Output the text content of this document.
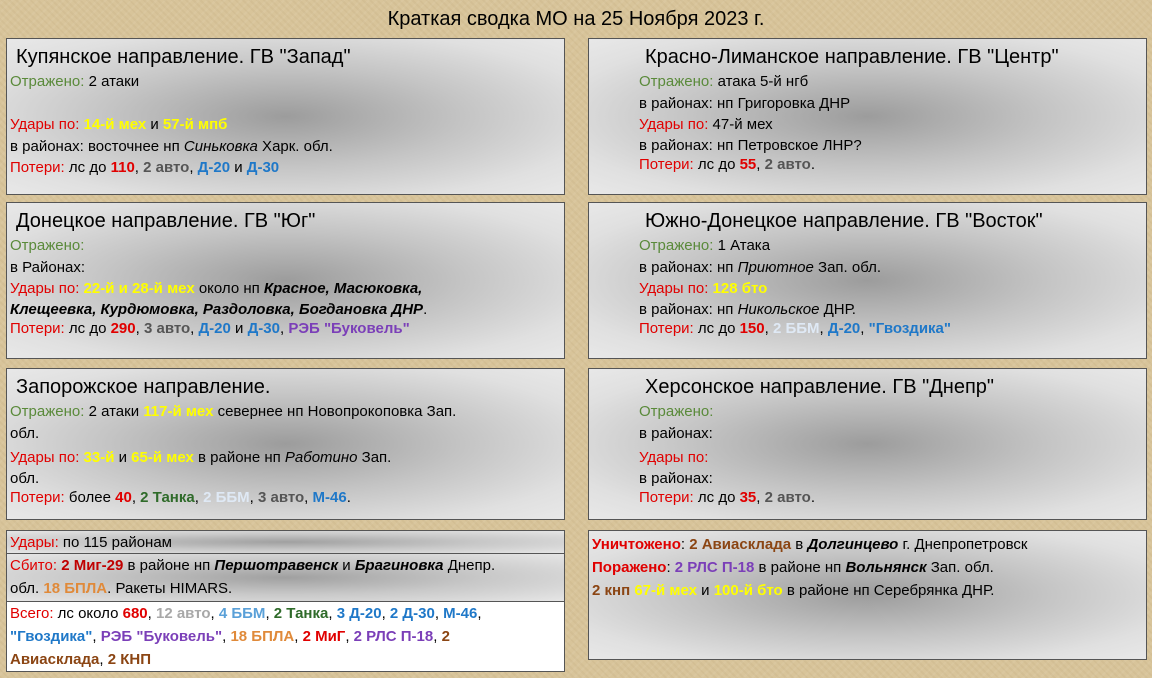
Краткая сводка МО на 25 Ноября 2023 г.
Купянское направление. ГВ "Запад"
Отражено: 2 атаки

Удары по: 14-й мех и 57-й мпб
в районах: восточнее нп Синьковка Харк. обл.
Потери: лс до 110, 2 авто, Д-20 и Д-30
Красно-Лиманское направление. ГВ "Центр"
Отражено: атака 5-й нгб
в районах: нп Григоровка ДНР
Удары по: 47-й мех
в районах: нп Петровское ЛНР?
Потери: лс до 55, 2 авто.
Донецкое направление. ГВ "Юг"
Отражено:
в Районах:
Удары по: 22-й и 28-й мех около нп Красное, Масюковка,
Клещеевка, Курдюмовка, Раздоловка, Богдановка ДНР.
Потери: лс до 290, 3 авто, Д-20 и Д-30, РЭБ "Буковель"
Южно-Донецкое направление. ГВ "Восток"
Отражено: 1 Атака
в районах: нп Приютное Зап. обл.
Удары по: 128 бто
в районах: нп Никольское ДНР.
Потери: лс до 150, 2 ББМ, Д-20, "Гвоздика"
Запорожское направление.
Отражено: 2 атаки 117-й мех севернее нп Новопрокоповка Зап.
обл.
Удары по: 33-й и 65-й мех в районе нп Работино Зап.
обл.
Потери: более 40, 2 Танка, 2 ББМ, 3 авто, М-46.
Херсонское направление. ГВ "Днепр"
Отражено:
в районах:
Удары по:
в районах:
Потери: лс до 35, 2 авто.
Удары: по 115 районам
Сбито: 2 Миг-29 в районе нп Першотравенск и Брагиновка Днепр.
обл. 18 БПЛА. Ракеты HIMARS.
Всего: лс около 680, 12 авто, 4 ББМ, 2 Танка, 3 Д-20, 2 Д-30, М-46,
"Гвоздика", РЭБ "Буковель", 18 БПЛА, 2 МиГ, 2 РЛС П-18, 2
Авиасклада, 2 КНП
Уничтожено: 2 Авиасклада в Долгинцево г. Днепропетровск
Поражено: 2 РЛС П-18 в районе нп Вольнянск Зап. обл.
2 кнп 67-й мех и 100-й бто в районе нп Серебрянка ДНР.
